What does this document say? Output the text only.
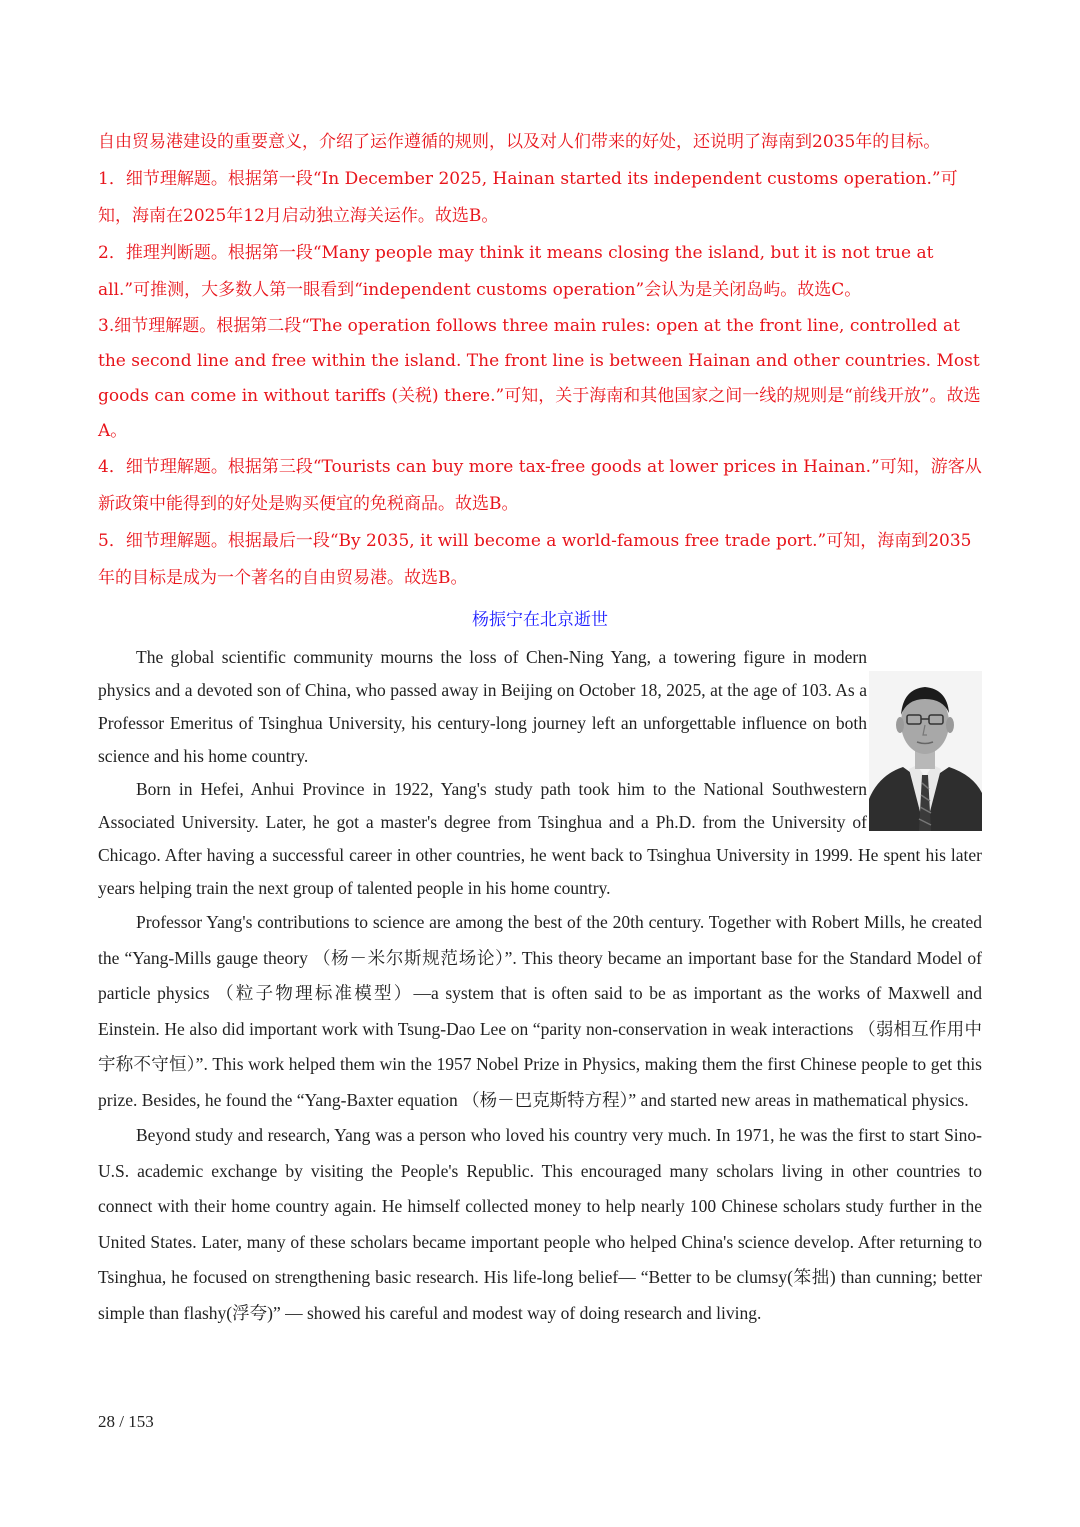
自由贸易港建设的重要意义，介绍了运作遵循的规则，以及对人们带来的好处，还说明了海南到2035年的目标。

1．细节理解题。根据第一段“In December 2025, Hainan started its independent customs operation.”可知，海南在2025年12月启动独立海关运作。故选B。

2．推理判断题。根据第一段“Many people may think it means closing the island, but it is not true at all.”可推测，大多数人第一眼看到“independent customs operation”会认为是关闭岛屿。故选C。

3.细节理解题。根据第二段“The operation follows three main rules: open at the front line, controlled at the second line and free within the island. The front line is between Hainan and other countries. Most goods can come in without tariffs (关税) there.”可知，关于海南和其他国家之间一线的规则是“前线开放”。故选A。

4．细节理解题。根据第三段“Tourists can buy more tax-free goods at lower prices in Hainan.”可知，游客从新政策中能得到的好处是购买便宜的免税商品。故选B。

5．细节理解题。根据最后一段“By 2035, it will become a world-famous free trade port.”可知，海南到2035年的目标是成为一个著名的自由贸易港。故选B。

杨振宁在北京逝世

The global scientific community mourns the loss of Chen-Ning Yang, a towering figure in modern physics and a devoted son of China, who passed away in Beijing on October 18, 2025, at the age of 103. As a Professor Emeritus of Tsinghua University, his century-long journey left an unforgettable influence on both science and his home country.

Born in Hefei, Anhui Province in 1922, Yang's study path took him to the National Southwestern Associated University. Later, he got a master's degree from Tsinghua and a Ph.D. from the University of Chicago. After having a successful career in other countries, he went back to Tsinghua University in 1999. He spent his later years helping train the next group of talented people in his home country.

Professor Yang's contributions to science are among the best of the 20th century. Together with Robert Mills, he created the “Yang-Mills gauge theory （杨－米尔斯规范场论）”. This theory became an important base for the Standard Model of particle physics （粒子物理标准模型）—a system that is often said to be as important as the works of Maxwell and Einstein. He also did important work with Tsung-Dao Lee on “parity non-conservation in weak interactions （弱相互作用中宇称不守恒）”. This work helped them win the 1957 Nobel Prize in Physics, making them the first Chinese people to get this prize. Besides, he found the “Yang-Baxter equation （杨－巴克斯特方程）” and started new areas in mathematical physics.

Beyond study and research, Yang was a person who loved his country very much. In 1971, he was the first to start Sino-U.S. academic exchange by visiting the People's Republic. This encouraged many scholars living in other countries to connect with their home country again. He himself collected money to help nearly 100 Chinese scholars study further in the United States. Later, many of these scholars became important people who helped China's science develop. After returning to Tsinghua, he focused on strengthening basic research. His life-long belief— “Better to be clumsy(笨拙) than cunning; better simple than flashy(浮夸)” — showed his careful and modest way of doing research and living.

28 / 153
